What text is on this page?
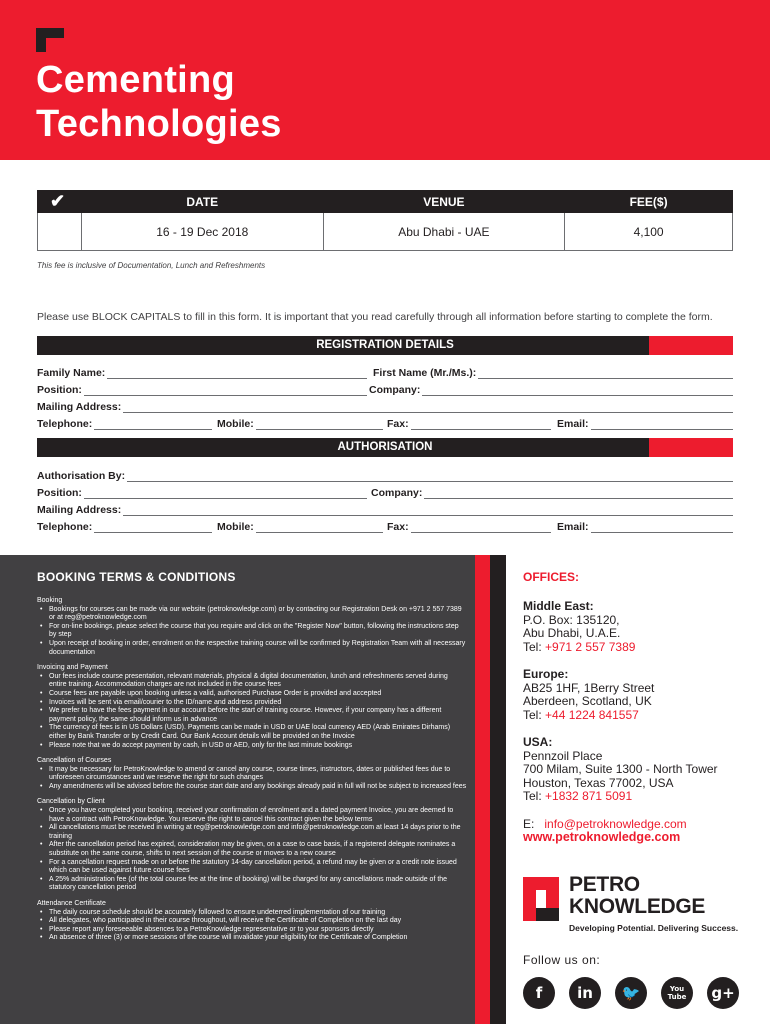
Cementing
Technologies
✔	DATE	VENUE	FEE($)
	16 - 19 Dec 2018	Abu Dhabi - UAE	4,100
This fee is inclusive of Documentation, Lunch and Refreshments
Please use BLOCK CAPITALS to fill in this form. It is important that you read carefully through all information before starting to complete the form.
REGISTRATION DETAILS
Family Name:	First Name (Mr./Ms.):
Position:	Company:
Mailing Address:
Telephone:	Mobile:	Fax:	Email:
AUTHORISATION
Authorisation By:
Position:	Company:
Mailing Address:
Telephone:	Mobile:	Fax:	Email:
BOOKING TERMS & CONDITIONS
Booking
• Bookings for courses can be made via our website (petroknowledge.com) or by contacting our Registration Desk on +971 2 557 7389 or at reg@petroknowledge.com
• For on-line bookings, please select the course that you require and click on the "Register Now" button, following the instructions step by step
• Upon receipt of booking in order, enrolment on the respective training course will be confirmed by Registration Team with all necessary documentation
Invoicing and Payment
• Our fees include course presentation, relevant materials, physical & digital documentation, lunch and refreshments served during entire training. Accommodation charges are not included in the course fees
• Course fees are payable upon booking unless a valid, authorised Purchase Order is provided and accepted
• Invoices will be sent via email/courier to the ID/name and address provided
• We prefer to have the fees payment in our account before the start of training course. However, if your company has a different payment policy, the same should inform us in advance
• The currency of fees is in US Dollars (USD). Payments can be made in USD or UAE local currency AED (Arab Emirates Dirhams) either by Bank Transfer or by Credit Card. Our Bank Account details will be provided on the Invoice
• Please note that we do accept payment by cash, in USD or AED, only for the last minute bookings
Cancellation of Courses
• It may be necessary for PetroKnowledge to amend or cancel any course, course times, instructors, dates or published fees due to unforeseen circumstances and we reserve the right for such changes
• Any amendments will be advised before the course start date and any bookings already paid in full will not be subject to increased fees
Cancellation by Client
• Once you have completed your booking, received your confirmation of enrolment and a dated payment Invoice, you are deemed to have a contract with PetroKnowledge. You reserve the right to cancel this contract given the below terms
• All cancellations must be received in writing at reg@petroknowledge.com and info@petroknowledge.com at least 14 days prior to the training
• After the cancellation period has expired, consideration may be given, on a case to case basis, if a registered delegate nominates a substitute on the same course, shifts to next session of the course or moves to a new course
• For a cancellation request made on or before the statutory 14-day cancellation period, a refund may be given or a credit note issued which can be used against future course fees
• A 25% administration fee (of the total course fee at the time of booking) will be charged for any cancellations made outside of the statutory cancellation period
Attendance Certificate
• The daily course schedule should be accurately followed to ensure undeterred implementation of our training
• All delegates, who participated in their course throughout, will receive the Certificate of Completion on the last day
• Please report any foreseeable absences to a PetroKnowledge representative or to your sponsors directly
• An absence of three (3) or more sessions of the course will invalidate your eligibility for the Certificate of Completion
OFFICES:
Middle East:
P.O. Box: 135120,
Abu Dhabi, U.A.E.
Tel: +971 2 557 7389
Europe:
AB25 1HF, 1Berry Street
Aberdeen, Scotland, UK
Tel: +44 1224 841557
USA:
Pennzoil Place
700 Milam, Suite 1300 - North Tower
Houston, Texas 77002, USA
Tel: +1832 871 5091
E: info@petroknowledge.com
www.petroknowledge.com
PETRO
KNOWLEDGE
Developing Potential. Delivering Success.
Follow us on:
f	in	🐦	You Tube	g+
